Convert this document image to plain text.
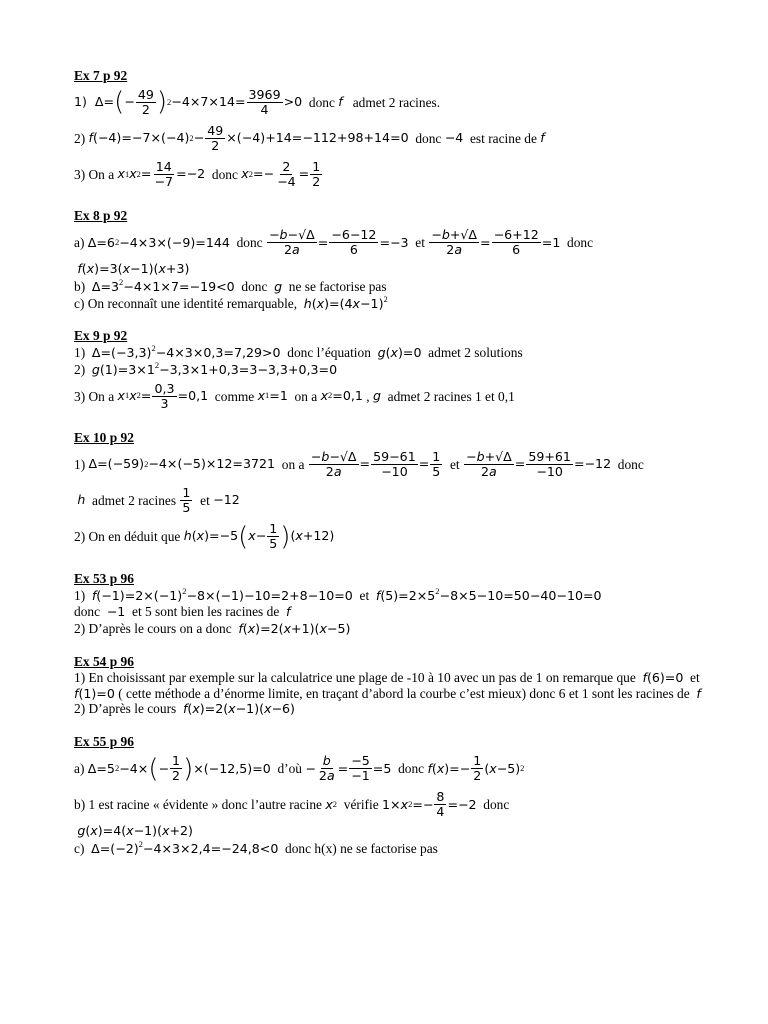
Ex 7 p 92
1)  Δ= ( − $\frac{49}{2}$ ) $2 -4\times 7\times 14= \frac{3969}{4} >0$ donc f admet 2 racines.
2) f(−4)=−7×(−4) $2 - \frac{49}{2} \times(-4)+14=-112+98+14=0$ donc −4 est racine de f
3) On a x 1 x $2 = \frac{14}{-7} =-2$ donc x $2 =- \frac{2}{-4} = \frac{1}{2}$
Ex 8 p 92
a) Δ=6 2 −4×3×(−9)=144 donc $\frac{-b-√\Delta}{2a} = \frac{-6-12}{6} =-3$ et $\frac{-b+√\Delta}{2a} = \frac{-6+12}{6} =1$ donc
f(x)=3(x−1)(x+3)
b)  $\Delta=3^2-4\times 1\times 7=-19<0$  donc  g  ne se factorise pas
c) On reconnaît une identité remarquable,  $h(x)=(4x-1)^2$
Ex 9 p 92
1)  $\Delta=(-3,3)^2-4\times 3\times 0,3=7,29>0$  donc l’équation  g(x)=0  admet 2 solutions
2)  $g(1)=3\times 1^2-3,3\times 1+0,3=3-3,3+0,3=0$
3) On a x 1 x $2 = \frac{0,3}{3} =0,1$ comme x 1 =1 on a x 2 =0,1 , g admet 2 racines 1 et 0,1
Ex 10 p 92
1) Δ=(−59) 2 −4×(−5)×12=3721 on a $\frac{-b-√\Delta}{2a} = \frac{59-61}{-10} = \frac{1}{5}$ et $\frac{-b+√\Delta}{2a} = \frac{59+61}{-10} =-12$ donc

h admet 2 racines $\frac{1}{5}$ et −12
2) On en déduit que h(x)=−5 ( $x - \frac{1}{5}$ ) (x+12)
Ex 53 p 96
1)  $f(-1)=2\times(-1)^2-8\times(-1)-10=2+8-10=0$  et  $f(5)=2\times 5^2-8\times 5-10=50-40-10=0$
donc  −1  et 5 sont bien les racines de  f
2) D’après le cours on a donc  f(x)=2(x+1)(x−5)
Ex 54 p 96
1) En choisissant par exemple sur la calculatrice une plage de -10 à 10 avec un pas de 1 on remarque que  f(6)=0  et  f(1)=0 ( cette méthode a d’énorme limite, en traçant d’abord la courbe c’est mieux) donc 6 et 1 sont les racines de  f
2) D’après le cours  f(x)=2(x−1)(x−6)
Ex 55 p 96
a) Δ=5 2 −4× ( − $\frac{1}{2}$ ) ×(−12,5)=0 d’où − $\frac{b}{2a} = \frac{-5}{-1} =5$ donc $f(x)=- \frac{1}{2} (x-5)$ 2
b) 1 est racine « évidente » donc l’autre racine x 2 vérifie 1×x $2 =- \frac{8}{4} =-2$ donc
g(x)=4(x−1)(x+2)
c)  $\Delta=(-2)^2-4\times 3\times 2,4=-24,8<0$  donc h(x) ne se factorise pas
